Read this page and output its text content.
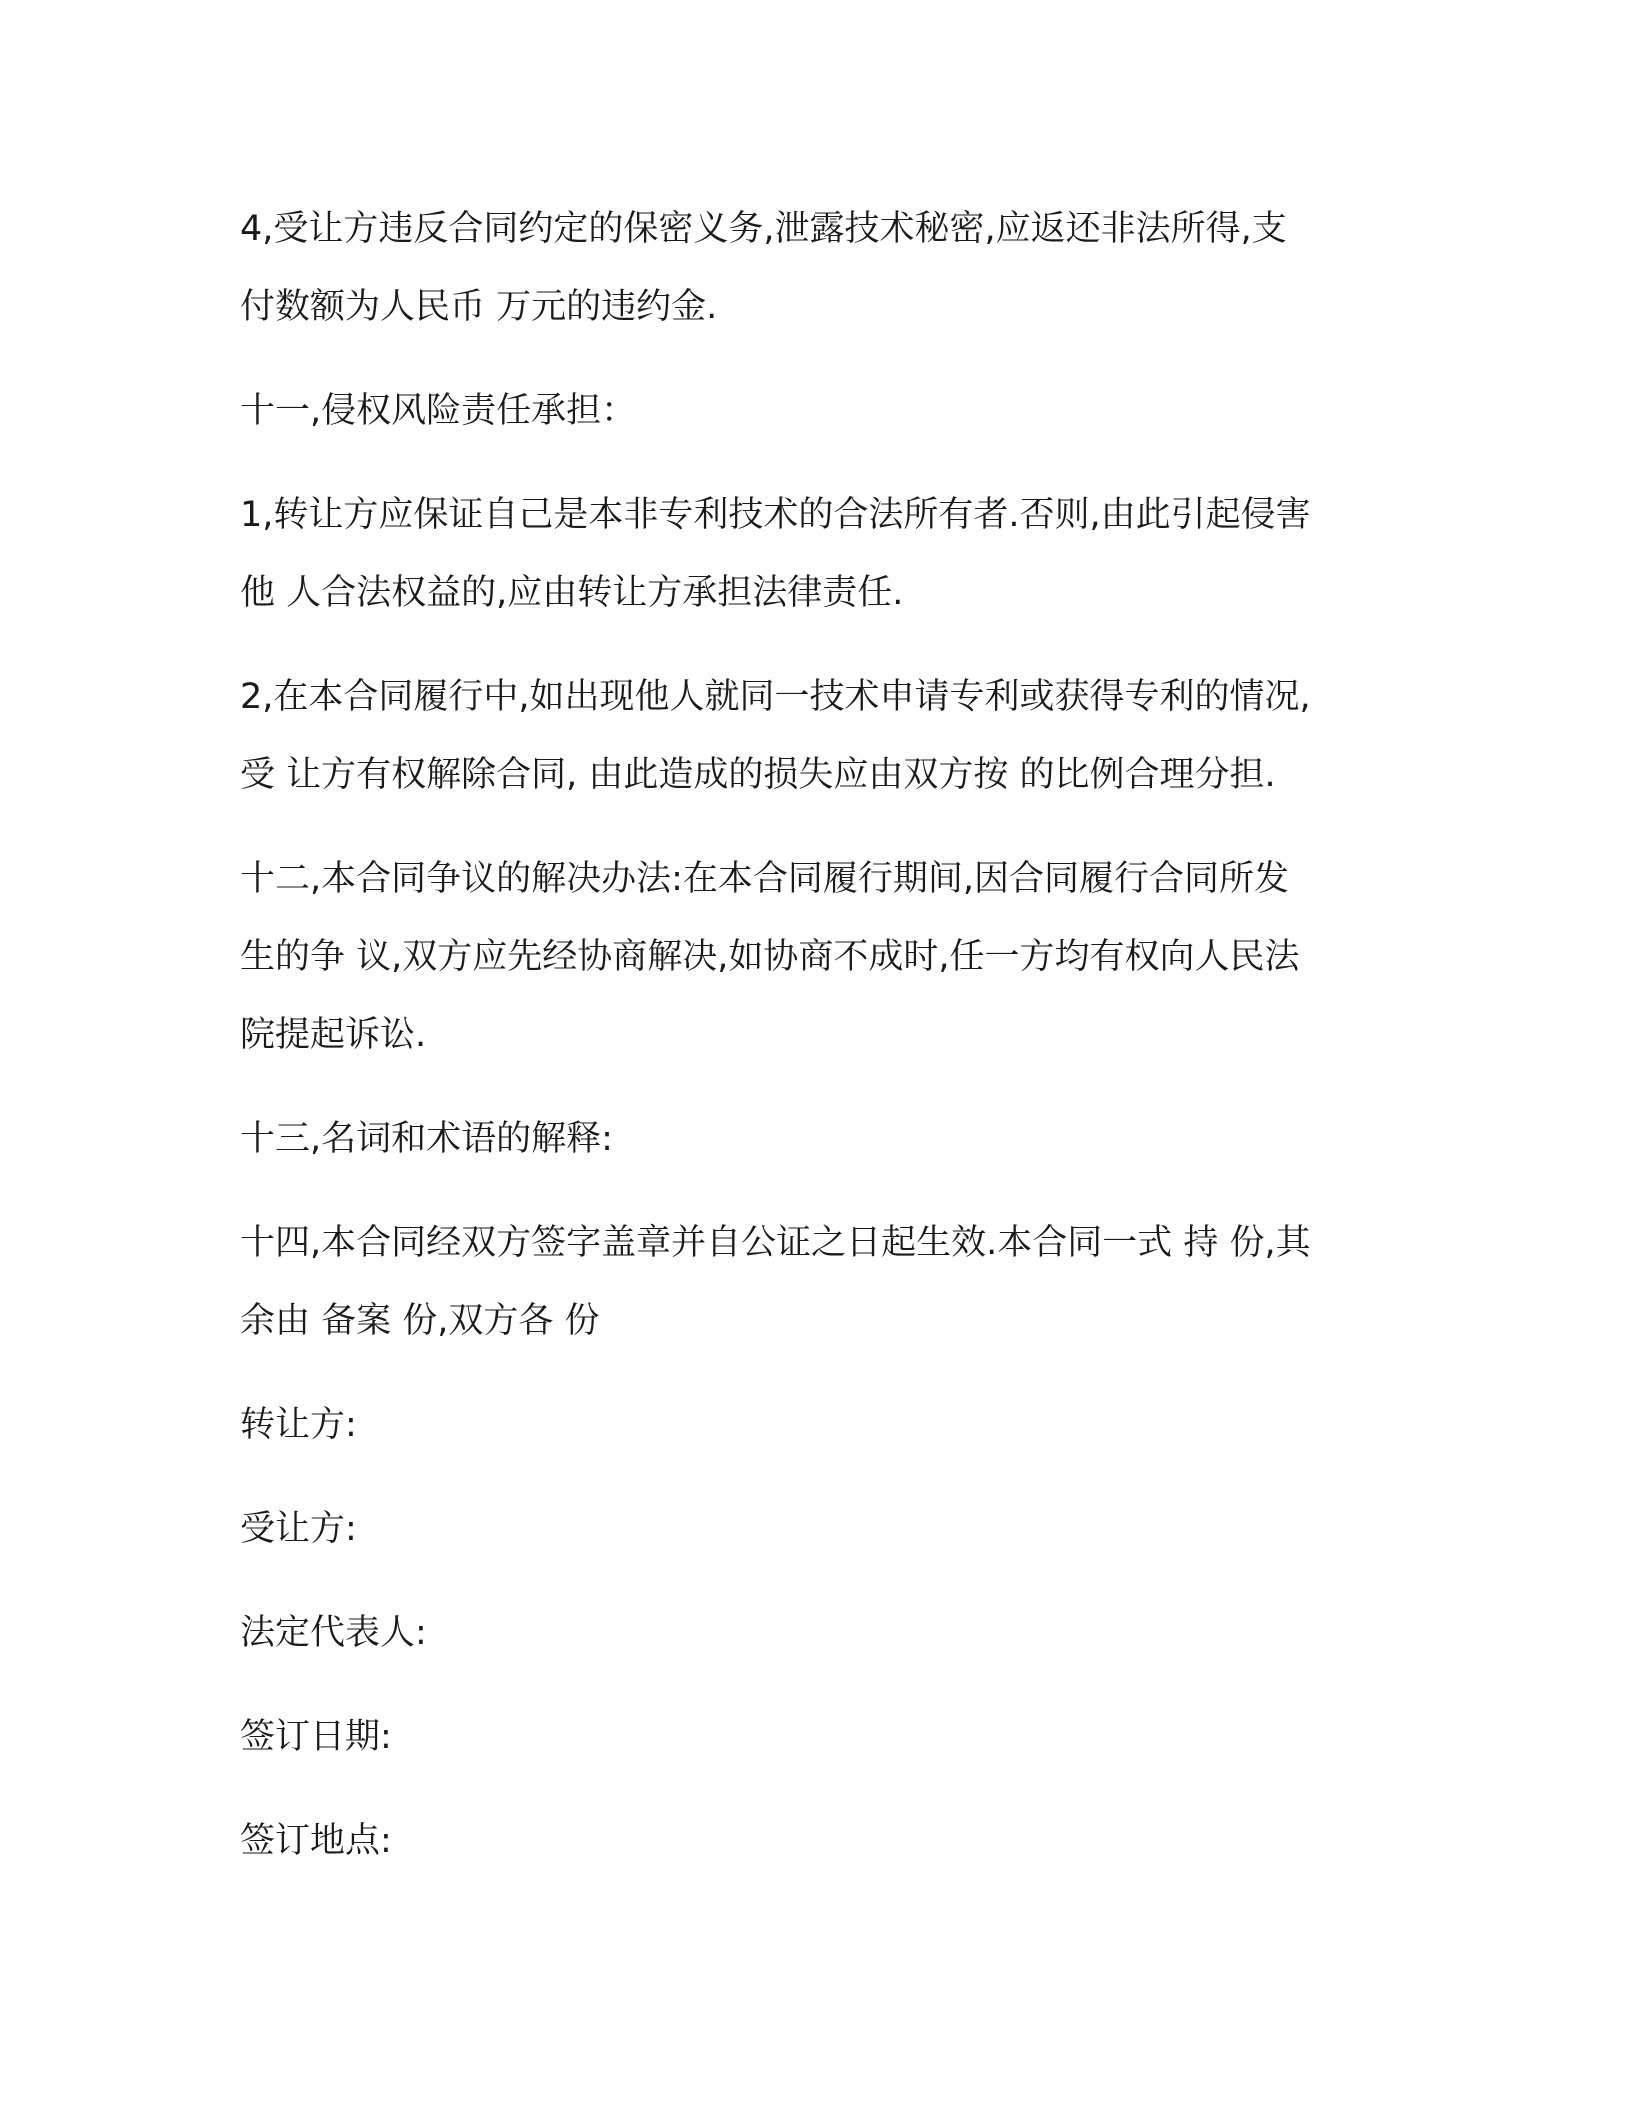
4,受让方违反合同约定的保密义务,泄露技术秘密,应返还非法所得,支
付数额为人民币 万元的违约金.
十一,侵权风险责任承担：
1,转让方应保证自己是本非专利技术的合法所有者.否则,由此引起侵害
他 人合法权益的,应由转让方承担法律责任.
2,在本合同履行中,如出现他人就同一技术申请专利或获得专利的情况,
受 让方有权解除合同, 由此造成的损失应由双方按 的比例合理分担.
十二,本合同争议的解决办法:在本合同履行期间,因合同履行合同所发
生的争 议,双方应先经协商解决,如协商不成时,任一方均有权向人民法
院提起诉讼.
十三,名词和术语的解释:
十四,本合同经双方签字盖章并自公证之日起生效.本合同一式 持 份,其
余由 备案 份,双方各 份
转让方:
受让方:
法定代表人:
签订日期:
签订地点:
